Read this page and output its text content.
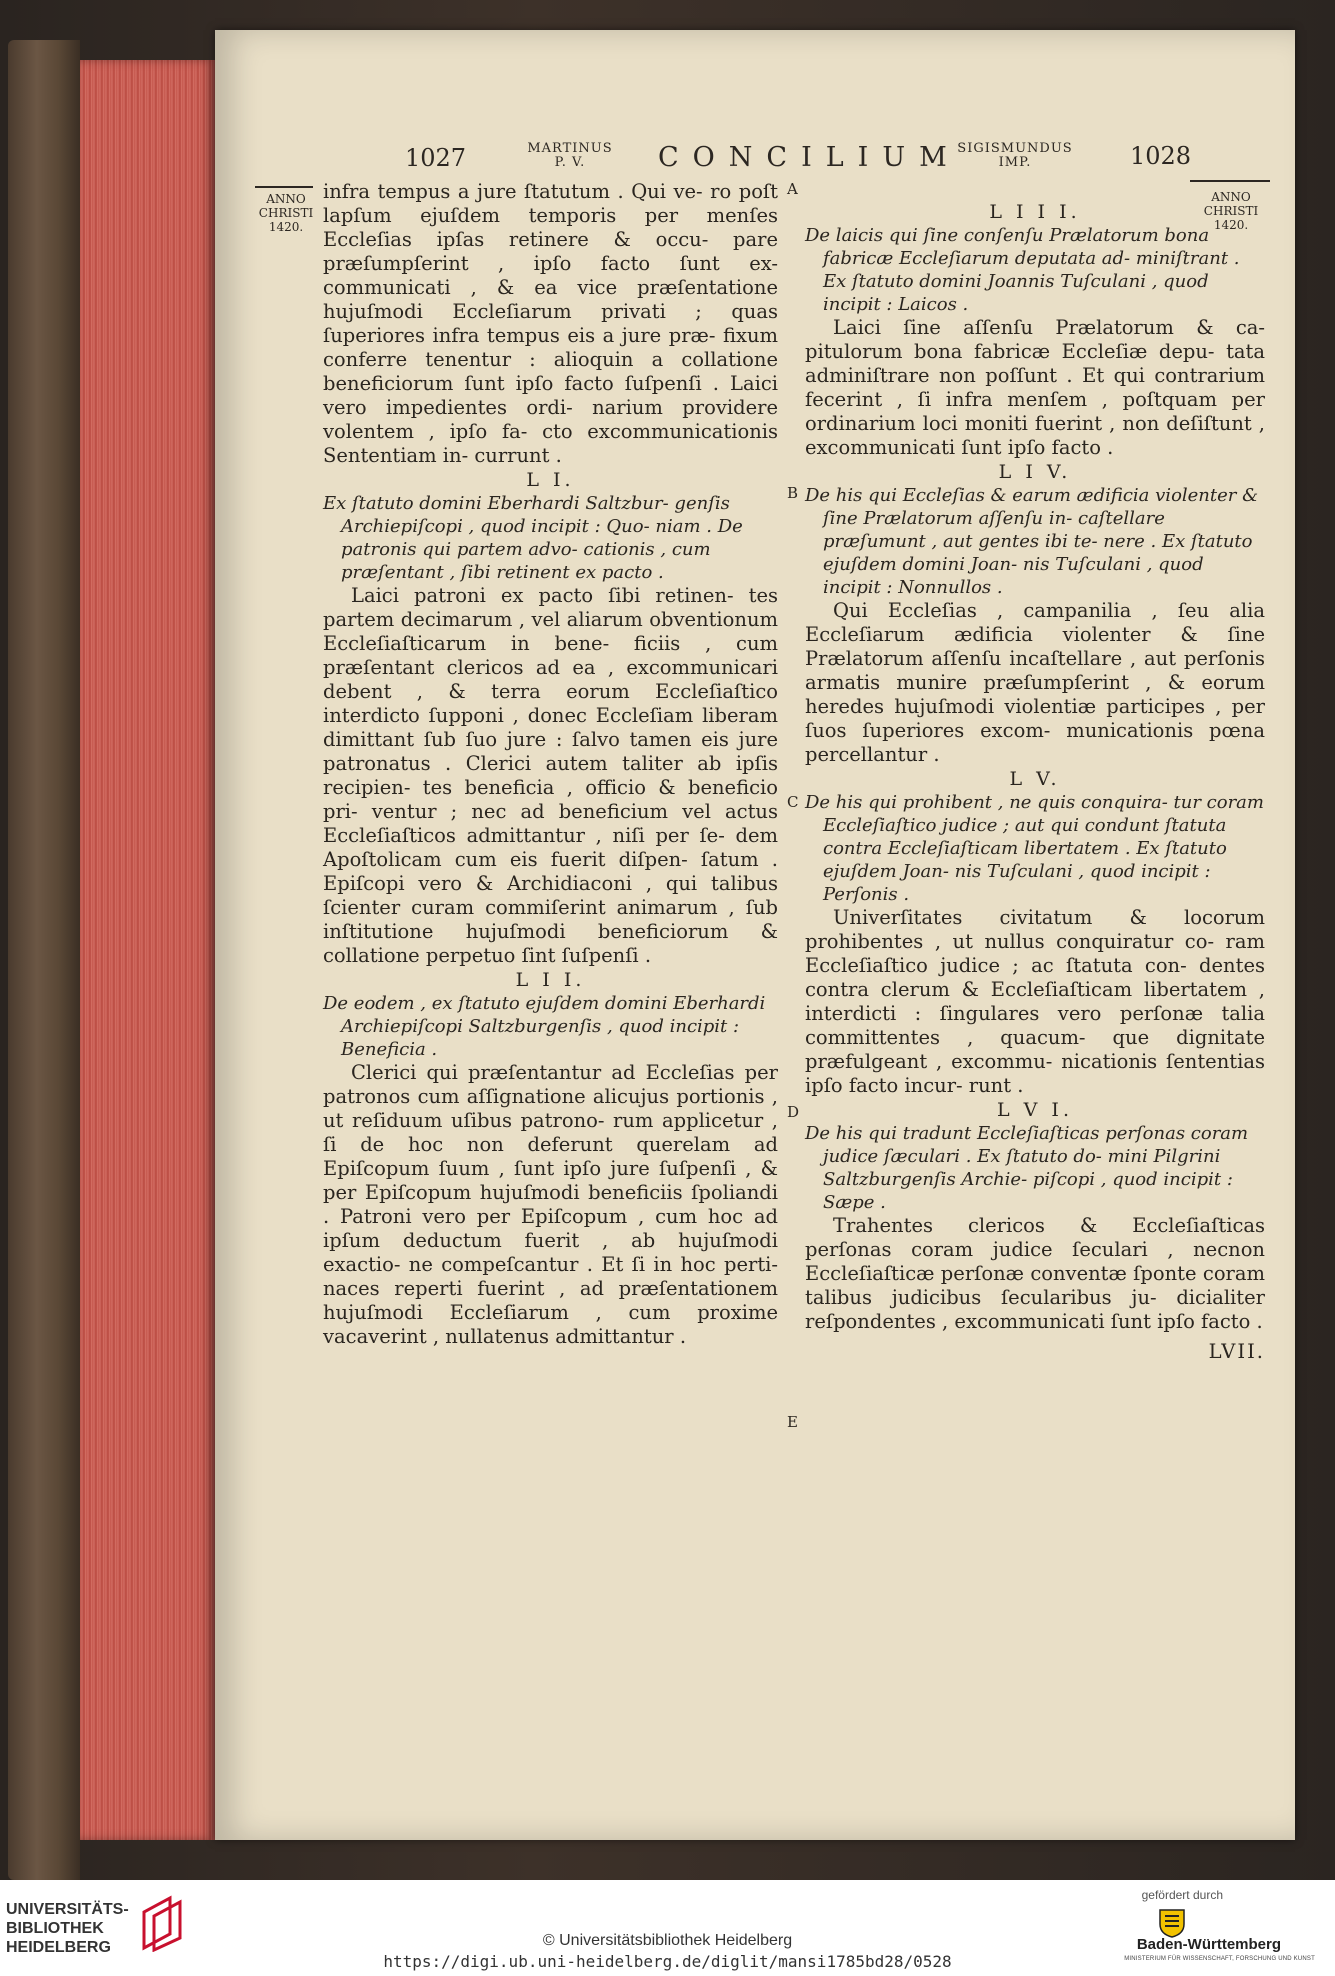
1027	MARTINUS
P. V.	CONCILIUM
SIGISMUNDUS
IMP.	1028
ANNO
CHRISTI
1420.
ANNO
CHRISTI
1420.
A
B
C
D
E

infra tempus a jure ſtatutum . Qui ve- ro poſt lapſum ejuſdem temporis per menſes Eccleſias ipſas retinere & occu- pare præſumpſerint , ipſo facto ſunt ex- communicati , & ea vice præſentatione hujuſmodi Eccleſiarum privati ; quas ſuperiores infra tempus eis a jure præ- fixum conferre tenentur : alioquin a collatione beneficiorum ſunt ipſo facto ſuſpenſi . Laici vero impedientes ordi- narium providere volentem , ipſo fa- cto excommunicationis Sententiam in- currunt .

L I.

Ex ſtatuto domini Eberhardi Saltzbur- genſis Archiepiſcopi , quod incipit : Quo- niam . De patronis qui partem advo- cationis , cum præſentant , ſibi retinent ex pacto .

Laici patroni ex pacto ſibi retinen- tes partem decimarum , vel aliarum obventionum Eccleſiaſticarum in bene- ficiis , cum præſentant clericos ad ea , excommunicari debent , & terra eorum Eccleſiaſtico interdicto ſupponi , donec Eccleſiam liberam dimittant ſub ſuo jure : ſalvo tamen eis jure patronatus . Clerici autem taliter ab ipſis recipien- tes beneficia , officio & beneficio pri- ventur ; nec ad beneficium vel actus Eccleſiaſticos admittantur , niſi per ſe- dem Apoſtolicam cum eis fuerit diſpen- ſatum . Epiſcopi vero & Archidiaconi , qui talibus ſcienter curam commiſerint animarum , ſub inſtitutione hujuſmodi beneficiorum & collatione perpetuo ſint ſuſpenſi .

L I I.

De eodem , ex ſtatuto ejuſdem domini Eberhardi Archiepiſcopi Saltzburgenſis , quod incipit : Beneficia .

Clerici qui præſentantur ad Eccleſias per patronos cum aſſignatione alicujus portionis , ut reſiduum uſibus patrono- rum applicetur , ſi de hoc non deferunt querelam ad Epiſcopum ſuum , ſunt ipſo jure ſuſpenſi , & per Epiſcopum hujuſmodi beneficiis ſpoliandi . Patroni vero per Epiſcopum , cum hoc ad ipſum deductum fuerit , ab hujuſmodi exactio- ne compeſcantur . Et ſi in hoc perti- naces reperti fuerint , ad præſentationem hujuſmodi Eccleſiarum , cum proxime vacaverint , nullatenus admittantur .

L I I I.

De laicis qui ſine conſenſu Prælatorum bona fabricæ Eccleſiarum deputata ad- miniſtrant . Ex ſtatuto domini Joannis Tuſculani , quod incipit : Laicos .

Laici ſine aſſenſu Prælatorum & ca- pitulorum bona fabricæ Eccleſiæ depu- tata adminiſtrare non poſſunt . Et qui contrarium fecerint , ſi infra menſem , poſtquam per ordinarium loci moniti fuerint , non deſiſtunt , excommunicati ſunt ipſo facto .

L I V.

De his qui Eccleſias & earum ædificia violenter & ſine Prælatorum aſſenſu in- caſtellare præſumunt , aut gentes ibi te- nere . Ex ſtatuto ejuſdem domini Joan- nis Tuſculani , quod incipit : Nonnullos .

Qui Eccleſias , campanilia , ſeu alia Eccleſiarum ædificia violenter & ſine Prælatorum aſſenſu incaſtellare , aut perſonis armatis munire præſumpſerint , & eorum heredes hujuſmodi violentiæ participes , per ſuos ſuperiores excom- municationis pœna percellantur .

L V.

De his qui prohibent , ne quis conquira- tur coram Eccleſiaſtico judice ; aut qui condunt ſtatuta contra Eccleſiaſticam libertatem . Ex ſtatuto ejuſdem Joan- nis Tuſculani , quod incipit : Perſonis .

Univerſitates civitatum & locorum prohibentes , ut nullus conquiratur co- ram Eccleſiaſtico judice ; ac ſtatuta con- dentes contra clerum & Eccleſiaſticam libertatem , interdicti : ſingulares vero perſonæ talia committentes , quacum- que dignitate præfulgeant , excommu- nicationis ſententias ipſo facto incur- runt .

L V I.

De his qui tradunt Eccleſiaſticas perſonas coram judice ſæculari . Ex ſtatuto do- mini Pilgrini Saltzburgenſis Archie- piſcopi , quod incipit : Sæpe .

Trahentes clericos & Eccleſiaſticas perſonas coram judice ſeculari , necnon Eccleſiaſticæ perſonæ conventæ ſponte coram talibus judicibus ſecularibus ju- dicialiter reſpondentes , excommunicati ſunt ipſo facto .

LVII.

UNIVERSITÄTS-
BIBLIOTHEK
HEIDELBERG	© Universitätsbibliothek Heidelberg
https://digi.ub.uni-heidelberg.de/diglit/mansi1785bd28/0528
gefördert durch
Baden-Württemberg
MINISTERIUM FÜR WISSENSCHAFT, FORSCHUNG UND KUNST
